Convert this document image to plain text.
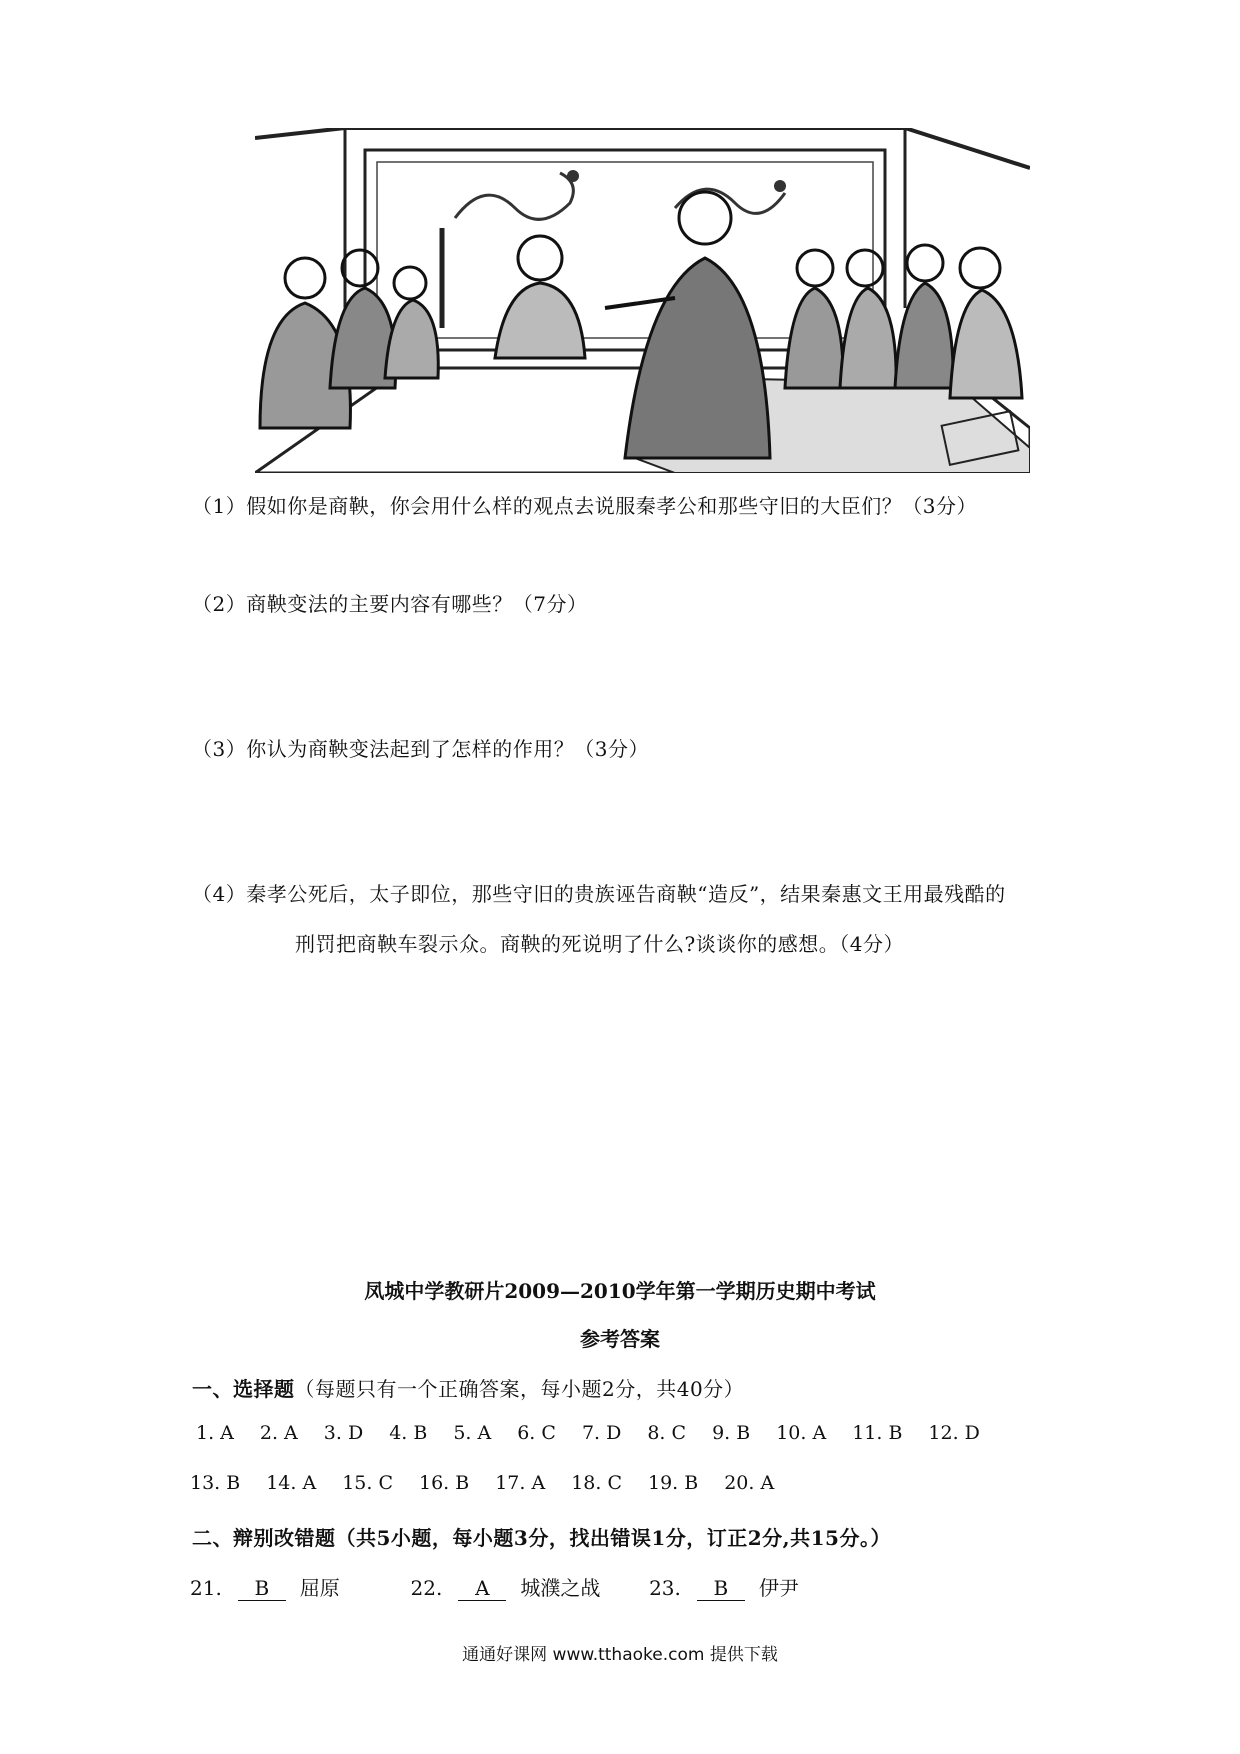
（1）假如你是商鞅，你会用什么样的观点去说服秦孝公和那些守旧的大臣们？（3分）
（2）商鞅变法的主要内容有哪些？（7分）
（3）你认为商鞅变法起到了怎样的作用？（3分）
（4）秦孝公死后，太子即位，那些守旧的贵族诬告商鞅“造反”，结果秦惠文王用最残酷的
刑罚把商鞅车裂示众。商鞅的死说明了什么?谈谈你的感想。（4分）
凤城中学教研片2009—2010学年第一学期历史期中考试
参考答案
一、选择题（每题只有一个正确答案，每小题2分，共40分）
1. A 2. A 3. D 4. B 5. A 6. C 7. D 8. C 9. B 10. A 11. B 12. D
13. B 14. A 15. C 16. B 17. A 18. C 19. B 20. A
二、辩别改错题（共5小题，每小题3分，找出错误1分，订正2分,共15分。）
21. B 屈原	22. A 城濮之战 23. B 伊尹
通通好课网 www.tthaoke.com 提供下载
